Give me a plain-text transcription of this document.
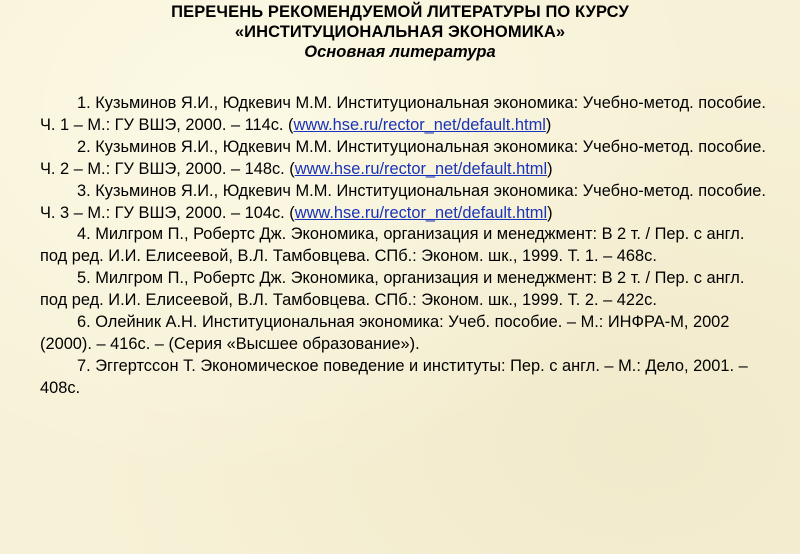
ПЕРЕЧЕНЬ РЕКОМЕНДУЕМОЙ ЛИТЕРАТУРЫ ПО КУРСУ
«ИНСТИТУЦИОНАЛЬНАЯ ЭКОНОМИКА»
Основная литература

1. Кузьминов Я.И., Юдкевич М.М. Институциональная экономика: Учебно-метод. пособие. Ч. 1 – М.: ГУ ВШЭ, 2000. – 114с. (www.hse.ru/rector_net/default.html)

2. Кузьминов Я.И., Юдкевич М.М. Институциональная экономика: Учебно-метод. пособие. Ч. 2 – М.: ГУ ВШЭ, 2000. – 148с. (www.hse.ru/rector_net/default.html)

3. Кузьминов Я.И., Юдкевич М.М. Институциональная экономика: Учебно-метод. пособие. Ч. 3 – М.: ГУ ВШЭ, 2000. – 104с. (www.hse.ru/rector_net/default.html)

4. Милгром П., Робертс Дж. Экономика, организация и менеджмент: В 2 т. / Пер. с англ. под ред. И.И. Елисеевой, В.Л. Тамбовцева. СПб.: Эконом. шк., 1999. Т. 1. – 468с.

5. Милгром П., Робертс Дж. Экономика, организация и менеджмент: В 2 т. / Пер. с англ. под ред. И.И. Елисеевой, В.Л. Тамбовцева. СПб.: Эконом. шк., 1999. Т. 2. – 422с.

6. Олейник А.Н. Институциональная экономика: Учеб. пособие. – М.: ИНФРА-М, 2002 (2000). – 416с. – (Серия «Высшее образование»).

7. Эггертссон Т. Экономическое поведение и институты: Пер. с англ. – М.: Дело, 2001. – 408с.
